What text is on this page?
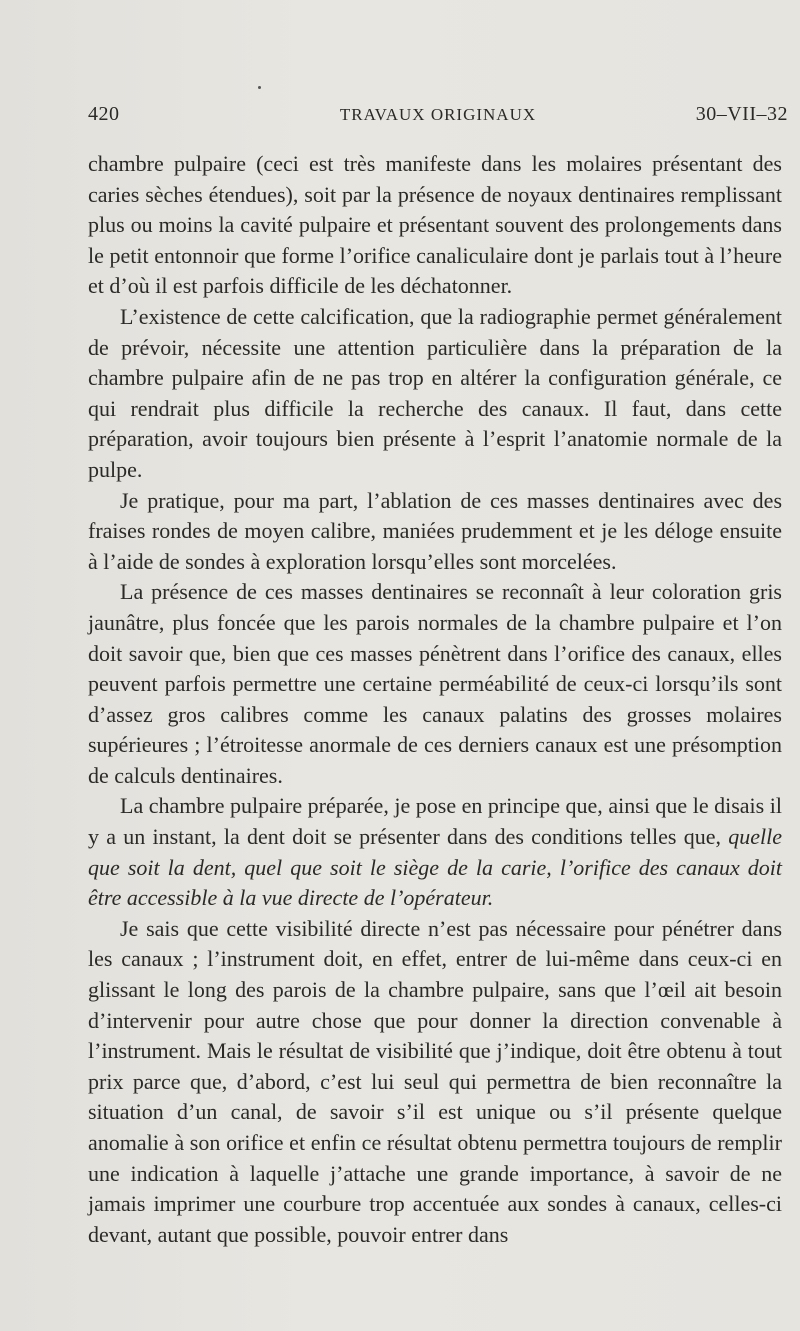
420	TRAVAUX ORIGINAUX	30–VII–32

chambre pulpaire (ceci est très manifeste dans les molaires présentant des caries sèches étendues), soit par la présence de noyaux dentinaires remplissant plus ou moins la cavité pulpaire et présentant souvent des prolongements dans le petit entonnoir que forme l’orifice canaliculaire dont je parlais tout à l’heure et d’où il est parfois difficile de les déchatonner.

L’existence de cette calcification, que la radiographie permet généralement de prévoir, nécessite une attention particulière dans la préparation de la chambre pulpaire afin de ne pas trop en altérer la configuration générale, ce qui rendrait plus difficile la recherche des canaux. Il faut, dans cette préparation, avoir toujours bien présente à l’esprit l’anatomie normale de la pulpe.

Je pratique, pour ma part, l’ablation de ces masses dentinaires avec des fraises rondes de moyen calibre, maniées prudemment et je les déloge ensuite à l’aide de sondes à exploration lorsqu’elles sont morcelées.

La présence de ces masses dentinaires se reconnaît à leur coloration gris jaunâtre, plus foncée que les parois normales de la chambre pulpaire et l’on doit savoir que, bien que ces masses pénètrent dans l’orifice des canaux, elles peuvent parfois permettre une certaine perméabilité de ceux-ci lorsqu’ils sont d’assez gros calibres comme les canaux palatins des grosses molaires supérieures ; l’étroitesse anormale de ces derniers canaux est une présomption de calculs dentinaires.

La chambre pulpaire préparée, je pose en principe que, ainsi que le disais il y a un instant, la dent doit se présenter dans des conditions telles que, quelle que soit la dent, quel que soit le siège de la carie, l’orifice des canaux doit être accessible à la vue directe de l’opérateur.

Je sais que cette visibilité directe n’est pas nécessaire pour pénétrer dans les canaux ; l’instrument doit, en effet, entrer de lui-même dans ceux-ci en glissant le long des parois de la chambre pulpaire, sans que l’œil ait besoin d’intervenir pour autre chose que pour donner la direction convenable à l’instrument. Mais le résultat de visibilité que j’indique, doit être obtenu à tout prix parce que, d’abord, c’est lui seul qui permettra de bien reconnaître la situation d’un canal, de savoir s’il est unique ou s’il présente quelque anomalie à son orifice et enfin ce résultat obtenu permettra toujours de remplir une indication à laquelle j’attache une grande importance, à savoir de ne jamais imprimer une courbure trop accentuée aux sondes à canaux, celles-ci devant, autant que possible, pouvoir entrer dans
